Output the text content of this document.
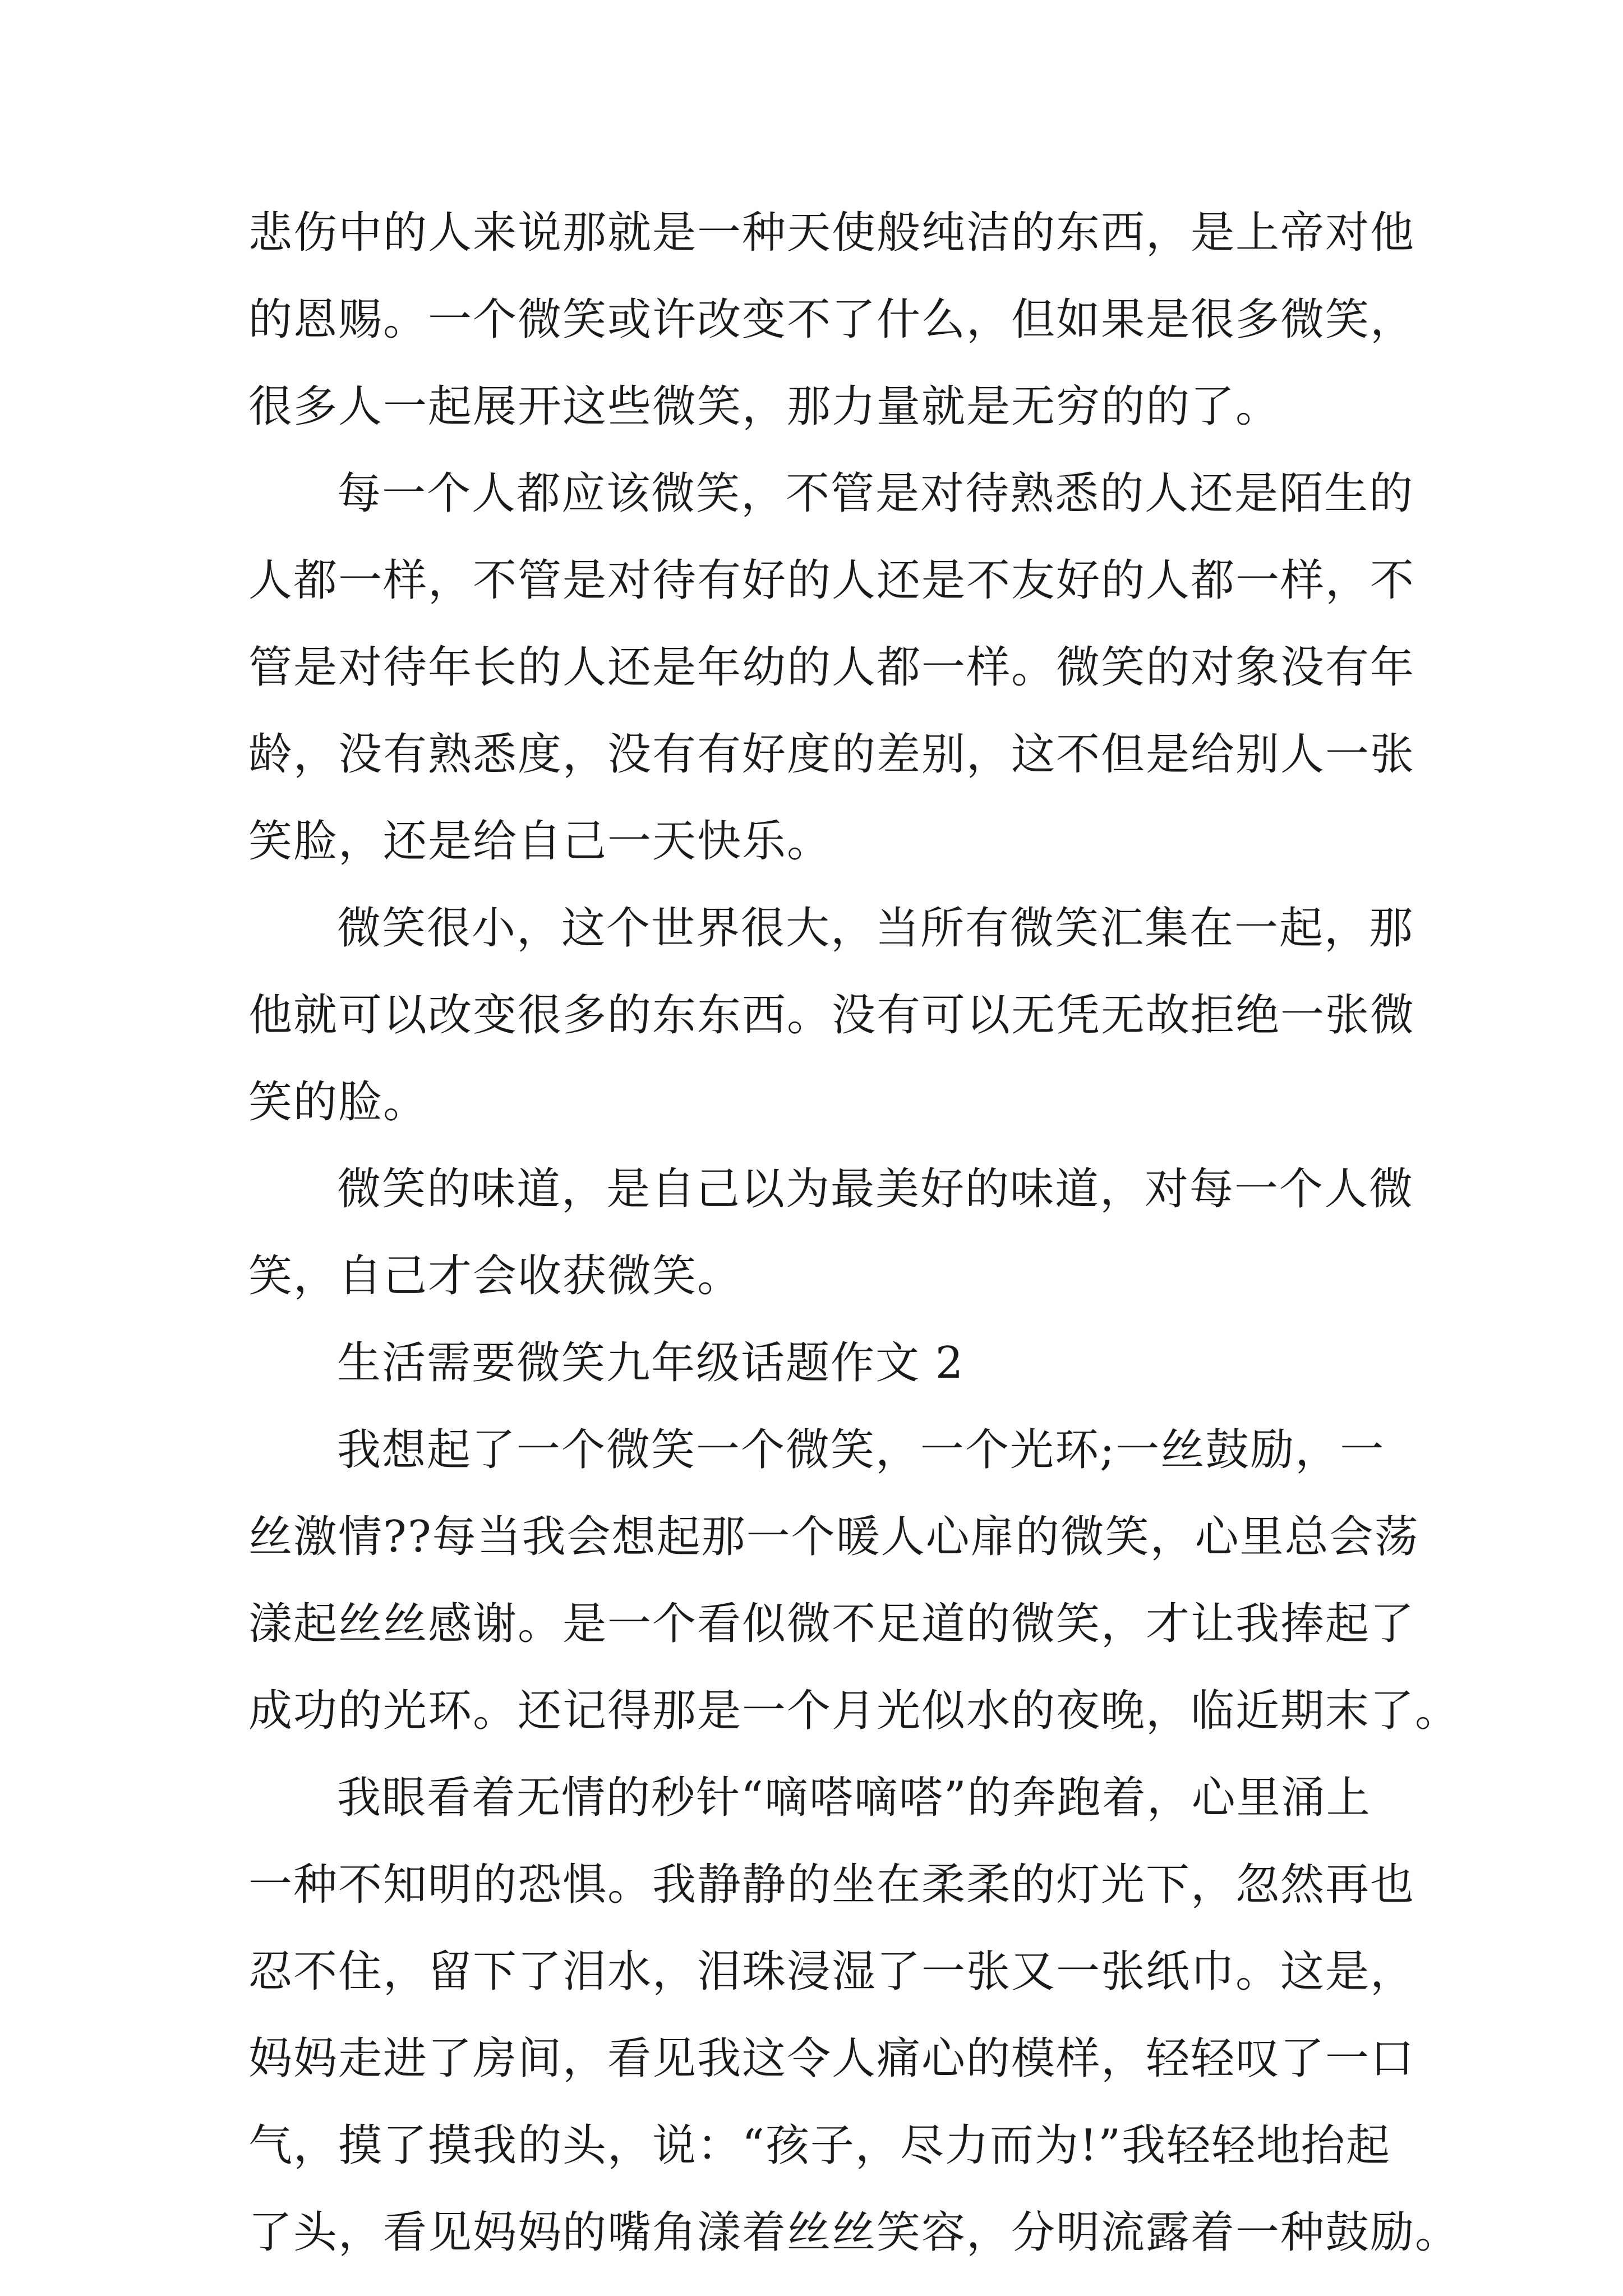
悲伤中的人来说那就是一种天使般纯洁的东西，是上帝对他
的恩赐。一个微笑或许改变不了什么，但如果是很多微笑，
很多人一起展开这些微笑，那力量就是无穷的的了。
每一个人都应该微笑，不管是对待熟悉的人还是陌生的
人都一样，不管是对待有好的人还是不友好的人都一样，不
管是对待年长的人还是年幼的人都一样。微笑的对象没有年
龄，没有熟悉度，没有有好度的差别，这不但是给别人一张
笑脸，还是给自己一天快乐。
微笑很小，这个世界很大，当所有微笑汇集在一起，那
他就可以改变很多的东东西。没有可以无凭无故拒绝一张微
笑的脸。
微笑的味道，是自己以为最美好的味道，对每一个人微
笑，自己才会收获微笑。
生活需要微笑九年级话题作文 2
我想起了一个微笑一个微笑，一个光环;一丝鼓励，一
丝激情??每当我会想起那一个暖人心扉的微笑，心里总会荡
漾起丝丝感谢。是一个看似微不足道的微笑，才让我捧起了
成功的光环。还记得那是一个月光似水的夜晚，临近期末了。
我眼看着无情的秒针“嘀嗒嘀嗒”的奔跑着，心里涌上
一种不知明的恐惧。我静静的坐在柔柔的灯光下，忽然再也
忍不住，留下了泪水，泪珠浸湿了一张又一张纸巾。这是，
妈妈走进了房间，看见我这令人痛心的模样，轻轻叹了一口
气，摸了摸我的头，说：“孩子，尽力而为!”我轻轻地抬起
了头，看见妈妈的嘴角漾着丝丝笑容，分明流露着一种鼓励。
